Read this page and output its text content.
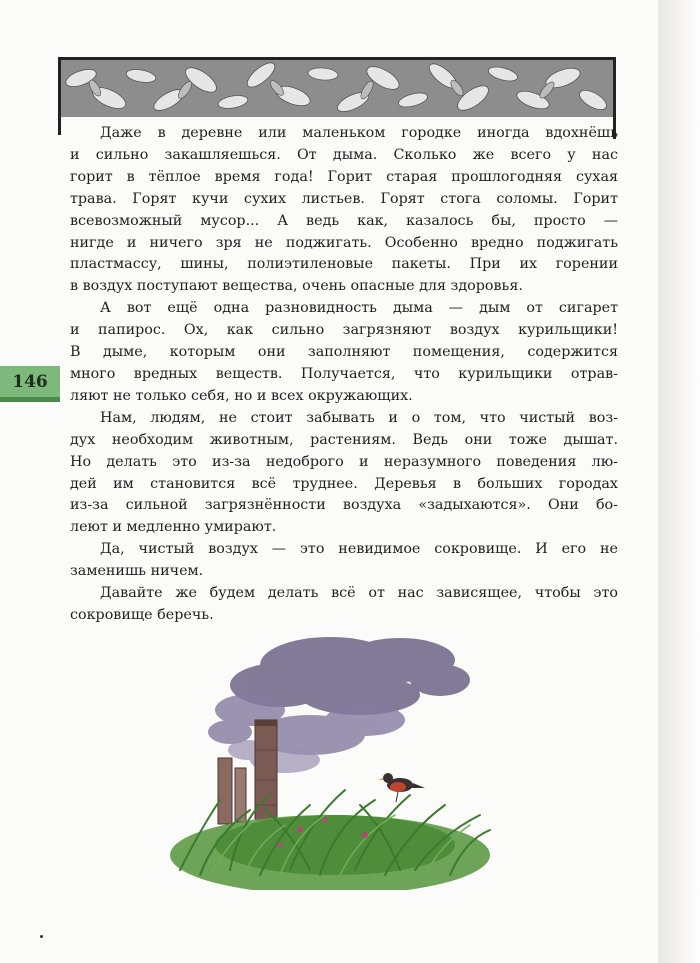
146

Даже в деревне или маленьком городке иногда вдохнёшь
и сильно закашляешься. От дыма. Сколько же всего у нас
горит в тёплое время года! Горит старая прошлогодняя сухая
трава. Горят кучи сухих листьев. Горят стога соломы. Горит
всевозможный мусор... А ведь как, казалось бы, просто —
нигде и ничего зря не поджигать. Особенно вредно поджигать
пластмассу, шины, полиэтиленовые пакеты. При их горении
в воздух поступают вещества, очень опасные для здоровья.

А вот ещё одна разновидность дыма — дым от сигарет
и папирос. Ох, как сильно загрязняют воздух курильщики!
В дыме, которым они заполняют помещения, содержится
много вредных веществ. Получается, что курильщики отрав-
ляют не только себя, но и всех окружающих.

Нам, людям, не стоит забывать и о том, что чистый воз-
дух необходим животным, растениям. Ведь они тоже дышат.
Но делать это из-за недоброго и неразумного поведения лю-
дей им становится всё труднее. Деревья в больших городах
из-за сильной загрязнённости воздуха «задыхаются». Они бо-
леют и медленно умирают.

Да, чистый воздух — это невидимое сокровище. И его не
заменишь ничем.

Давайте же будем делать всё от нас зависящее, чтобы это
сокровище беречь.
